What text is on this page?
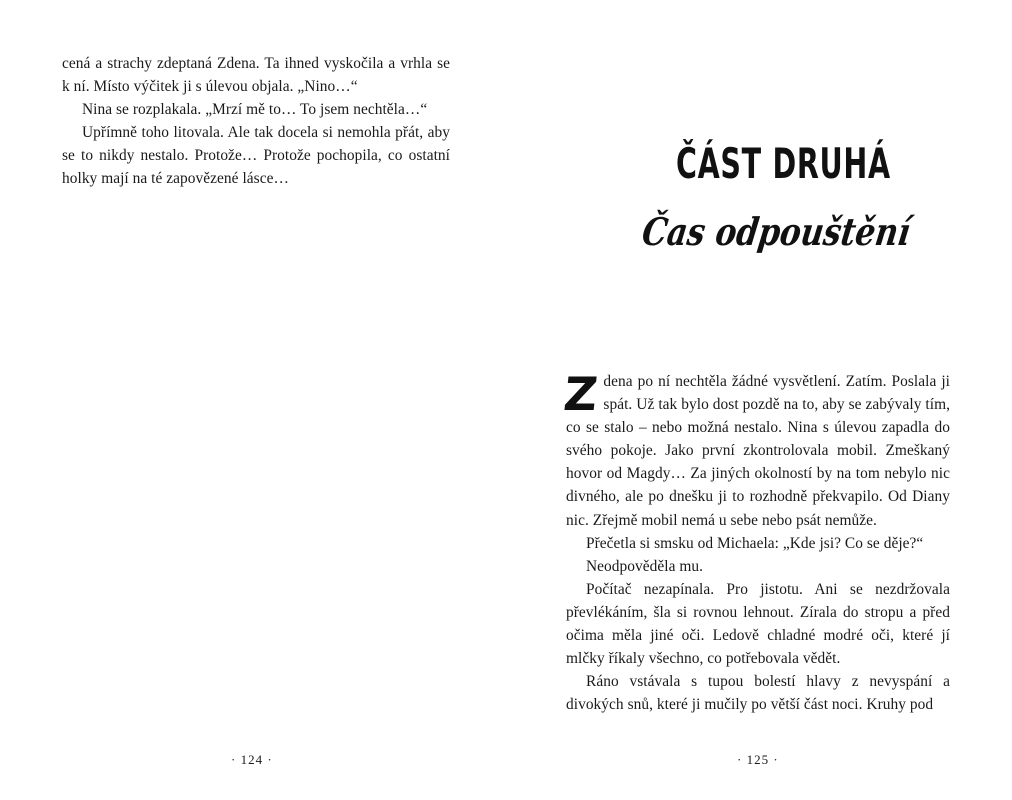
cená a strachy zdeptaná Zdena. Ta ihned vyskočila a vrhla se k ní. Místo výčitek ji s úlevou objala. „Nino…“

Nina se rozplakala. „Mrzí mě to… To jsem nechtěla…“

Upřímně toho litovala. Ale tak docela si nemohla přát, aby se to nikdy nestalo. Protože… Protože pochopila, co ostatní holky mají na té zapovězené lásce…

· 124 ·
ČÁST DRUHÁ
Čas odpouštění

Zdena po ní nechtěla žádné vysvětlení. Zatím. Poslala ji spát. Už tak bylo dost pozdě na to, aby se zabývaly tím, co se stalo – nebo možná nestalo. Nina s úlevou zapadla do svého pokoje. Jako první zkontrolovala mobil. Zmeškaný hovor od Magdy… Za jiných okolností by na tom nebylo nic divného, ale po dnešku ji to rozhodně překvapilo. Od Diany nic. Zřejmě mobil nemá u sebe nebo psát nemůže.

Přečetla si smsku od Michaela: „Kde jsi? Co se děje?“

Neodpověděla mu.

Počítač nezapínala. Pro jistotu. Ani se nezdržovala převlékáním, šla si rovnou lehnout. Zírala do stropu a před očima měla jiné oči. Ledově chladné modré oči, které jí mlčky říkaly všechno, co potřebovala vědět.

Ráno vstávala s tupou bolestí hlavy z nevyspání a divokých snů, které ji mučily po větší část noci. Kruhy pod

· 125 ·
